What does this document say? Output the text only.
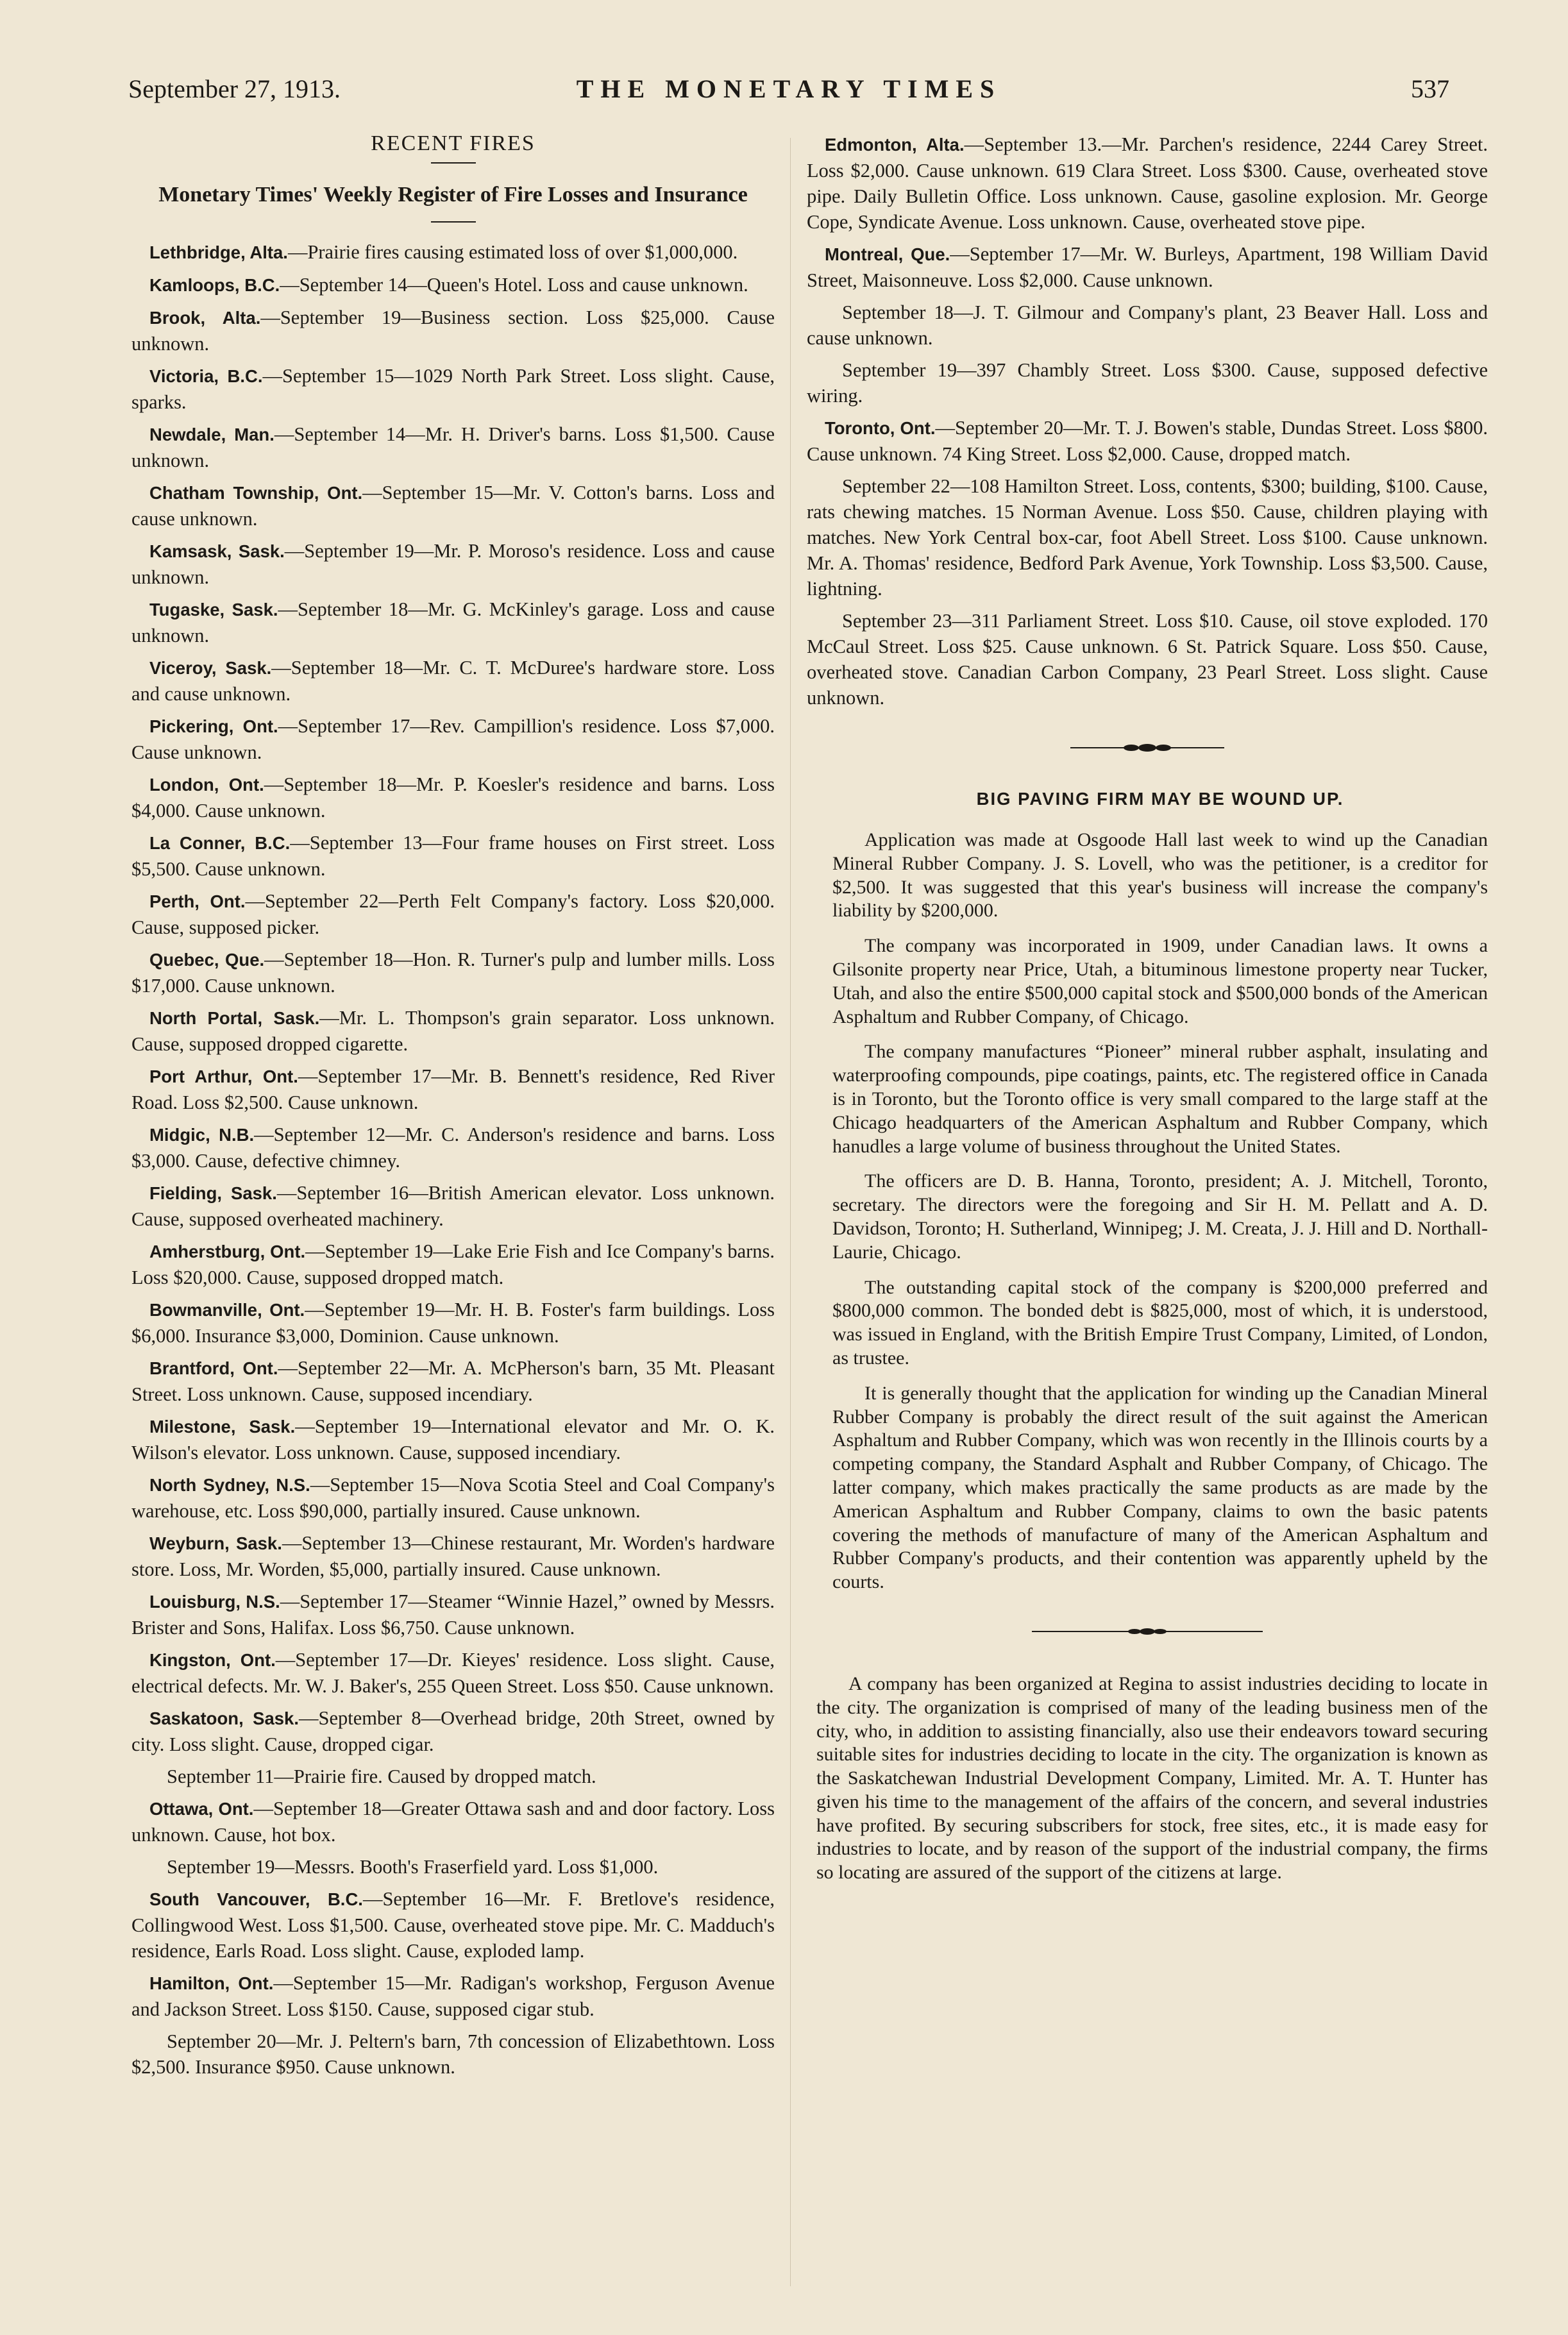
September 27, 1913.	THE MONETARY TIMES	537
RECENT FIRES
Monetary Times' Weekly Register of Fire Losses and Insurance

Lethbridge, Alta.—Prairie fires causing estimated loss of over $1,000,000.

Kamloops, B.C.—September 14—Queen's Hotel. Loss and cause unknown.

Brook, Alta.—September 19—Business section. Loss $25,000. Cause unknown.

Victoria, B.C.—September 15—1029 North Park Street. Loss slight. Cause, sparks.

Newdale, Man.—September 14—Mr. H. Driver's barns. Loss $1,500. Cause unknown.

Chatham Township, Ont.—September 15—Mr. V. Cotton's barns. Loss and cause unknown.

Kamsask, Sask.—September 19—Mr. P. Moroso's residence. Loss and cause unknown.

Tugaske, Sask.—September 18—Mr. G. McKinley's garage. Loss and cause unknown.

Viceroy, Sask.—September 18—Mr. C. T. McDuree's hardware store. Loss and cause unknown.

Pickering, Ont.—September 17—Rev. Campillion's residence. Loss $7,000. Cause unknown.

London, Ont.—September 18—Mr. P. Koesler's residence and barns. Loss $4,000. Cause unknown.

La Conner, B.C.—September 13—Four frame houses on First street. Loss $5,500. Cause unknown.

Perth, Ont.—September 22—Perth Felt Company's factory. Loss $20,000. Cause, supposed picker.

Quebec, Que.—September 18—Hon. R. Turner's pulp and lumber mills. Loss $17,000. Cause unknown.

North Portal, Sask.—Mr. L. Thompson's grain separator. Loss unknown. Cause, supposed dropped cigarette.

Port Arthur, Ont.—September 17—Mr. B. Bennett's residence, Red River Road. Loss $2,500. Cause unknown.

Midgic, N.B.—September 12—Mr. C. Anderson's residence and barns. Loss $3,000. Cause, defective chimney.

Fielding, Sask.—September 16—British American elevator. Loss unknown. Cause, supposed overheated machinery.

Amherstburg, Ont.—September 19—Lake Erie Fish and Ice Company's barns. Loss $20,000. Cause, supposed dropped match.

Bowmanville, Ont.—September 19—Mr. H. B. Foster's farm buildings. Loss $6,000. Insurance $3,000, Dominion. Cause unknown.

Brantford, Ont.—September 22—Mr. A. McPherson's barn, 35 Mt. Pleasant Street. Loss unknown. Cause, supposed incendiary.

Milestone, Sask.—September 19—International elevator and Mr. O. K. Wilson's elevator. Loss unknown. Cause, supposed incendiary.

North Sydney, N.S.—September 15—Nova Scotia Steel and Coal Company's warehouse, etc. Loss $90,000, partially insured. Cause unknown.

Weyburn, Sask.—September 13—Chinese restaurant, Mr. Worden's hardware store. Loss, Mr. Worden, $5,000, partially insured. Cause unknown.

Louisburg, N.S.—September 17—Steamer “Winnie Hazel,” owned by Messrs. Brister and Sons, Halifax. Loss $6,750. Cause unknown.

Kingston, Ont.—September 17—Dr. Kieyes' residence. Loss slight. Cause, electrical defects. Mr. W. J. Baker's, 255 Queen Street. Loss $50. Cause unknown.

Saskatoon, Sask.—September 8—Overhead bridge, 20th Street, owned by city. Loss slight. Cause, dropped cigar.

September 11—Prairie fire. Caused by dropped match.

Ottawa, Ont.—September 18—Greater Ottawa sash and and door factory. Loss unknown. Cause, hot box.

September 19—Messrs. Booth's Fraserfield yard. Loss $1,000.

South Vancouver, B.C.—September 16—Mr. F. Bretlove's residence, Collingwood West. Loss $1,500. Cause, overheated stove pipe. Mr. C. Madduch's residence, Earls Road. Loss slight. Cause, exploded lamp.

Hamilton, Ont.—September 15—Mr. Radigan's workshop, Ferguson Avenue and Jackson Street. Loss $150. Cause, supposed cigar stub.

September 20—Mr. J. Peltern's barn, 7th concession of Elizabethtown. Loss $2,500. Insurance $950. Cause unknown.

Edmonton, Alta.—September 13.—Mr. Parchen's residence, 2244 Carey Street. Loss $2,000. Cause unknown. 619 Clara Street. Loss $300. Cause, overheated stove pipe. Daily Bulletin Office. Loss unknown. Cause, gasoline explosion. Mr. George Cope, Syndicate Avenue. Loss unknown. Cause, overheated stove pipe.

Montreal, Que.—September 17—Mr. W. Burleys, Apartment, 198 William David Street, Maisonneuve. Loss $2,000. Cause unknown.

September 18—J. T. Gilmour and Company's plant, 23 Beaver Hall. Loss and cause unknown.

September 19—397 Chambly Street. Loss $300. Cause, supposed defective wiring.

Toronto, Ont.—September 20—Mr. T. J. Bowen's stable, Dundas Street. Loss $800. Cause unknown. 74 King Street. Loss $2,000. Cause, dropped match.

September 22—108 Hamilton Street. Loss, contents, $300; building, $100. Cause, rats chewing matches. 15 Norman Avenue. Loss $50. Cause, children playing with matches. New York Central box-car, foot Abell Street. Loss $100. Cause unknown. Mr. A. Thomas' residence, Bedford Park Avenue, York Township. Loss $3,500. Cause, lightning.

September 23—311 Parliament Street. Loss $10. Cause, oil stove exploded. 170 McCaul Street. Loss $25. Cause unknown. 6 St. Patrick Square. Loss $50. Cause, overheated stove. Canadian Carbon Company, 23 Pearl Street. Loss slight. Cause unknown.

BIG PAVING FIRM MAY BE WOUND UP.

Application was made at Osgoode Hall last week to wind up the Canadian Mineral Rubber Company. J. S. Lovell, who was the petitioner, is a creditor for $2,500. It was suggested that this year's business will increase the company's liability by $200,000.

The company was incorporated in 1909, under Canadian laws. It owns a Gilsonite property near Price, Utah, a bituminous limestone property near Tucker, Utah, and also the entire $500,000 capital stock and $500,000 bonds of the American Asphaltum and Rubber Company, of Chicago.

The company manufactures “Pioneer” mineral rubber asphalt, insulating and waterproofing compounds, pipe coatings, paints, etc. The registered office in Canada is in Toronto, but the Toronto office is very small compared to the large staff at the Chicago headquarters of the American Asphaltum and Rubber Company, which hanudles a large volume of business throughout the United States.

The officers are D. B. Hanna, Toronto, president; A. J. Mitchell, Toronto, secretary. The directors were the foregoing and Sir H. M. Pellatt and A. D. Davidson, Toronto; H. Sutherland, Winnipeg; J. M. Creata, J. J. Hill and D. Northall-Laurie, Chicago.

The outstanding capital stock of the company is $200,000 preferred and $800,000 common. The bonded debt is $825,000, most of which, it is understood, was issued in England, with the British Empire Trust Company, Limited, of London, as trustee.

It is generally thought that the application for winding up the Canadian Mineral Rubber Company is probably the direct result of the suit against the American Asphaltum and Rubber Company, which was won recently in the Illinois courts by a competing company, the Standard Asphalt and Rubber Company, of Chicago. The latter company, which makes practically the same products as are made by the American Asphaltum and Rubber Company, claims to own the basic patents covering the methods of manufacture of many of the American Asphaltum and Rubber Company's products, and their contention was apparently upheld by the courts.

A company has been organized at Regina to assist industries deciding to locate in the city. The organization is comprised of many of the leading business men of the city, who, in addition to assisting financially, also use their endeavors toward securing suitable sites for industries deciding to locate in the city. The organization is known as the Saskatchewan Industrial Development Company, Limited. Mr. A. T. Hunter has given his time to the management of the affairs of the concern, and several industries have profited. By securing subscribers for stock, free sites, etc., it is made easy for industries to locate, and by reason of the support of the industrial company, the firms so locating are assured of the support of the citizens at large.
